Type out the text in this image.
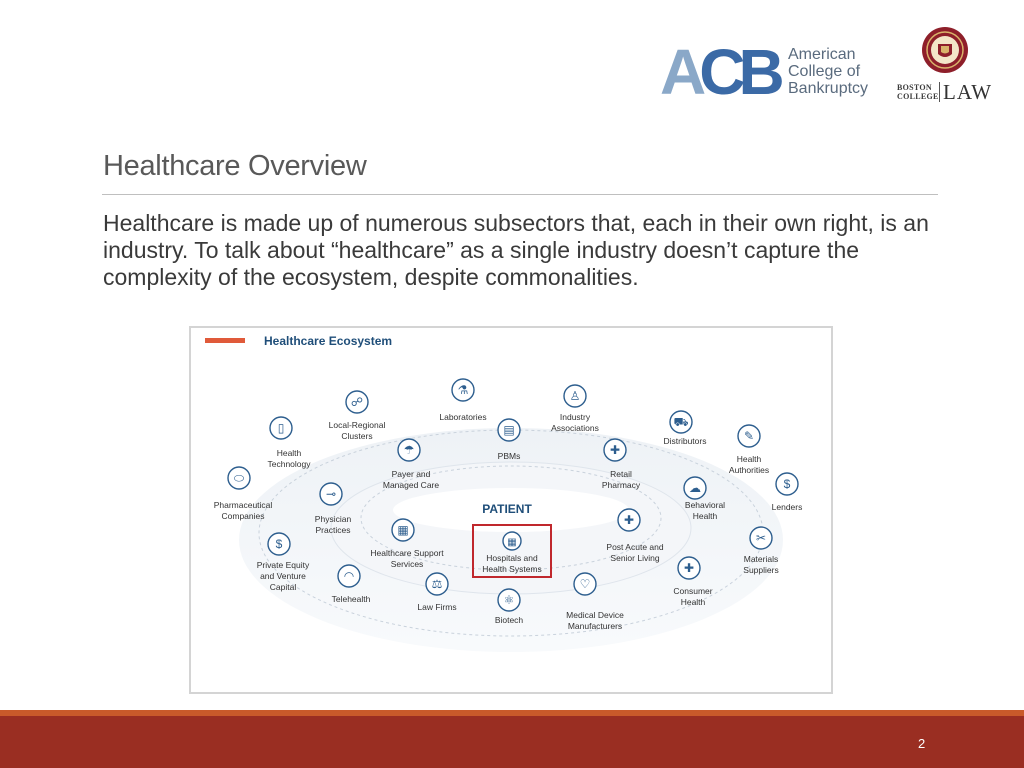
ACB American
College of
Bankruptcy	BOSTON
COLLEGE LAW
Healthcare Overview
Healthcare is made up of numerous subsectors that, each in their own right, is an industry. To talk about “healthcare” as a single industry doesn’t capture the complexity of the ecosystem, despite commonalities.
Healthcare Ecosystem
PATIENT
⚗
Laboratories
♙
Industry
Associations
☍
Local-Regional
Clusters	▤
PBMs
⛟
Distributors
▯
Health
Technology
☂
Payer and
Managed Care
✚
Retail
Pharmacy
✎
Health
Authorities
⬭
Pharmaceutical
Companies
☁
Behavioral
Health
$
Lenders
⊸
Physician
Practices	▦
Healthcare Support
Services
✚
Post Acute and
Senior Living
$
Private Equity
and Venture
Capital
✂
Materials
Suppliers
◠
Telehealth
⚖
Law Firms	⚛
Biotech
♡
Medical Device
Manufacturers
✚
Consumer
Health
▦
Hospitals and
Health Systems
2
